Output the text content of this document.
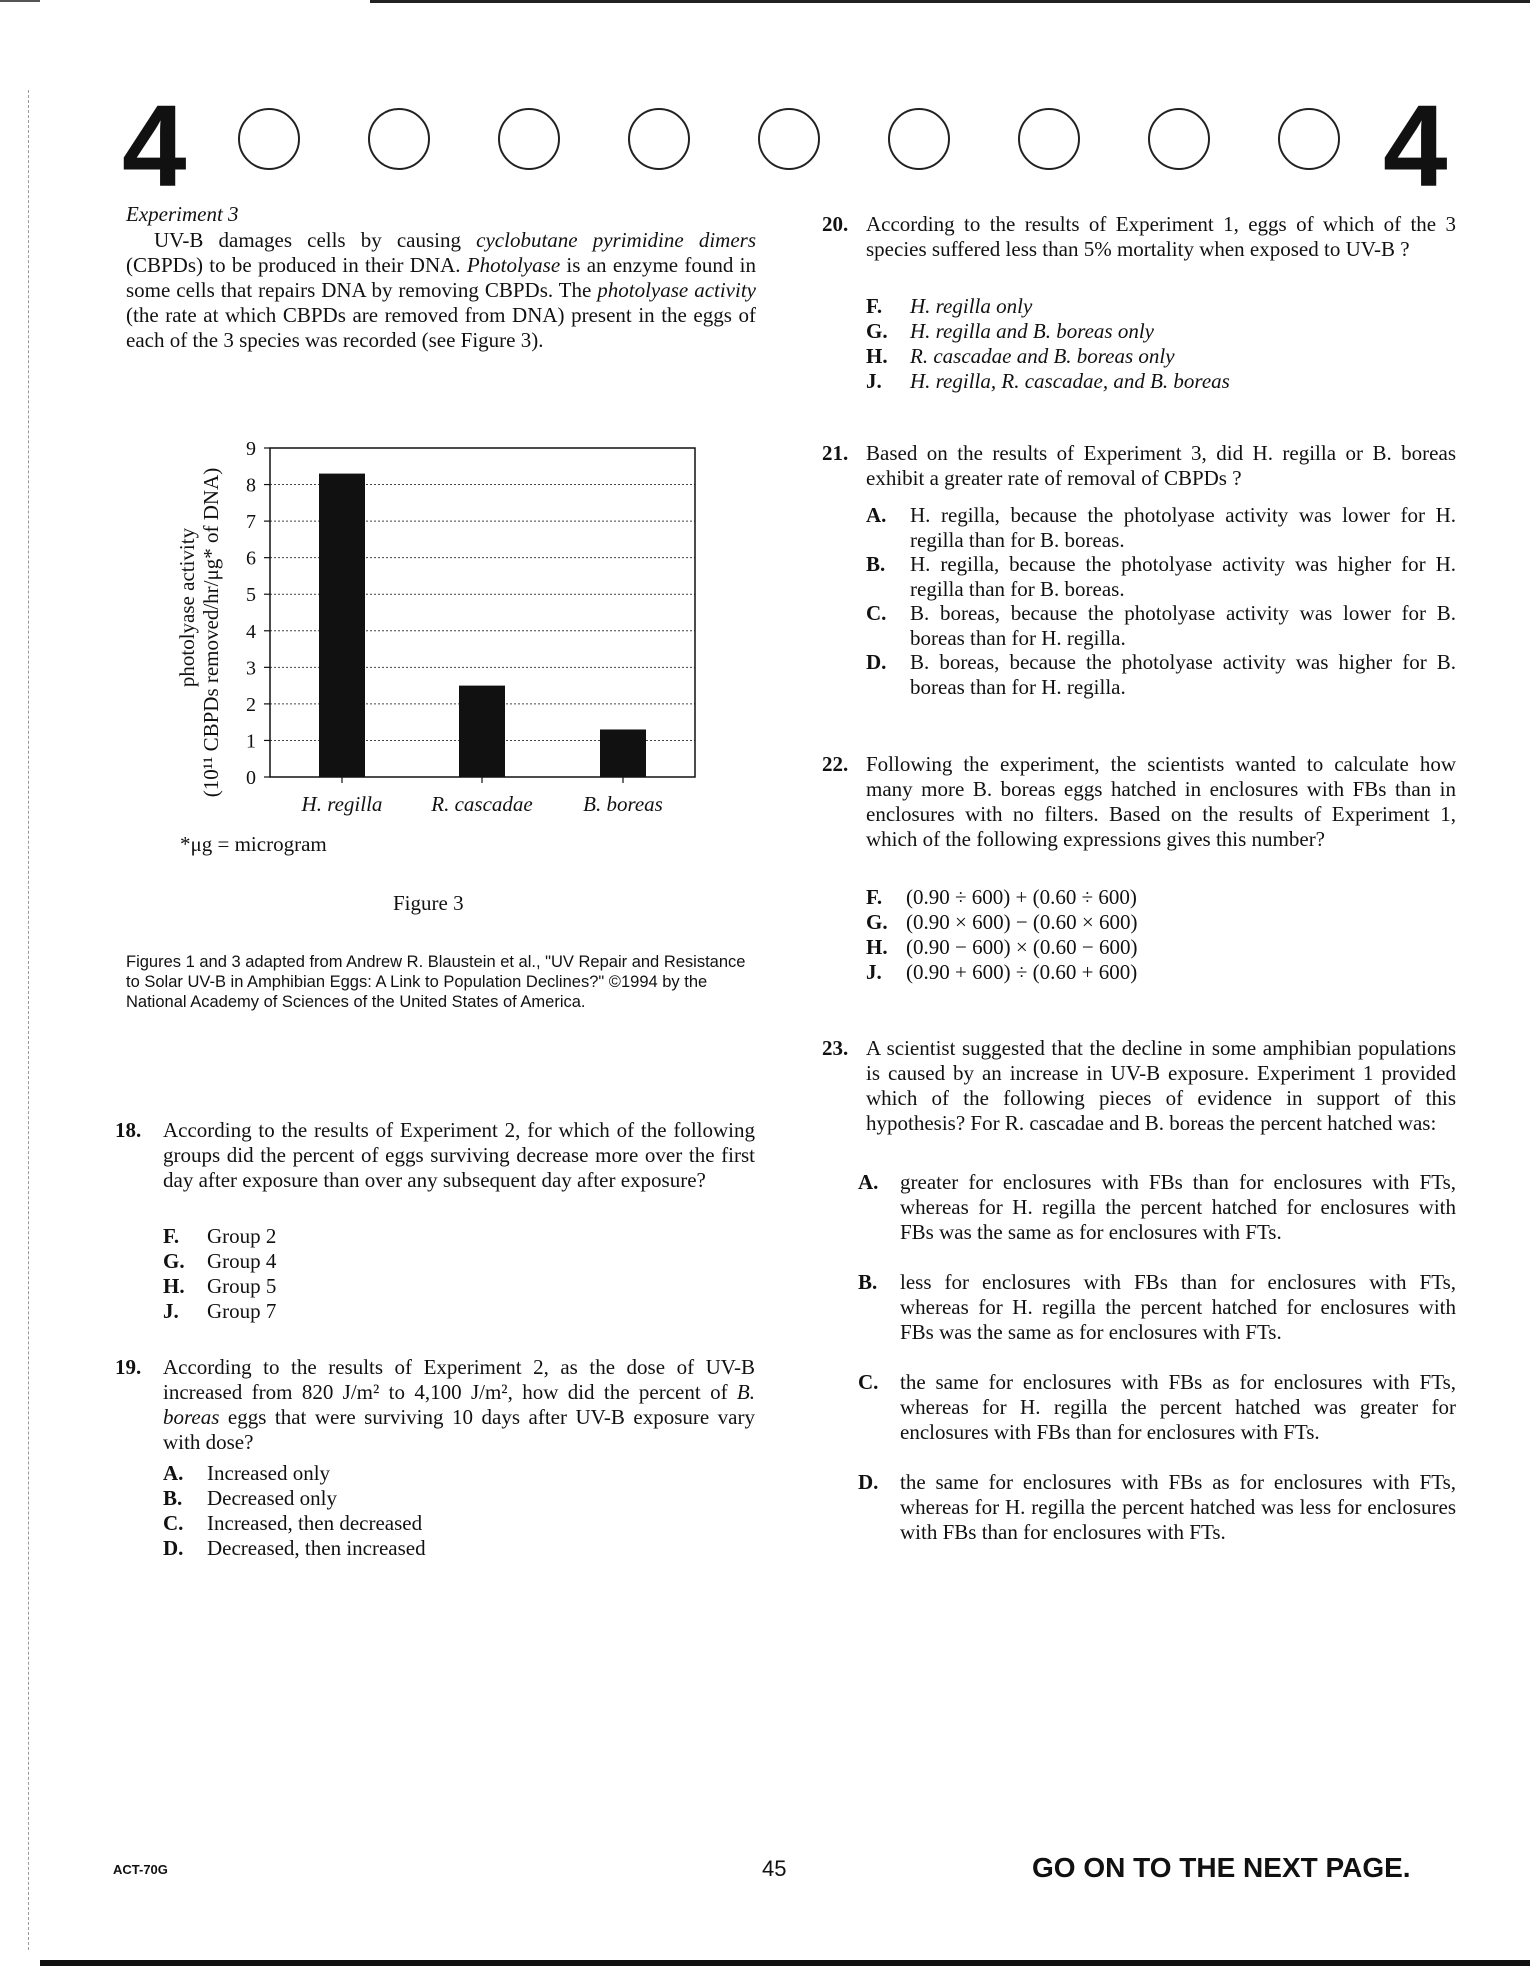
4	4
Experiment 3
UV-B damages cells by causing cyclobutane pyrimidine dimers (CBPDs) to be produced in their DNA. Photolyase is an enzyme found in some cells that repairs DNA by removing CBPDs. The photolyase activity (the rate at which CBPDs are removed from DNA) present in the eggs of each of the 3 species was recorded (see Figure 3).
0
1
2
3
4
5
6
7
8
9
H. regilla R. cascadae B. boreas
photolyase activity (10¹¹ CBPDs removed/hr/μg* of DNA)
*μg = microgram
Figure 3
Figures 1 and 3 adapted from Andrew R. Blaustein et al., "UV Repair and Resistance to Solar UV-B in Amphibian Eggs: A Link to Population Declines?" ©1994 by the National Academy of Sciences of the United States of America.
18. According to the results of Experiment 2, for which of the following groups did the percent of eggs surviving decrease more over the first day after exposure than over any subsequent day after exposure?
F. Group 2
G. Group 4
H. Group 5
J. Group 7
19. According to the results of Experiment 2, as the dose of UV-B increased from 820 J/m² to 4,100 J/m², how did the percent of B. boreas eggs that were surviving 10 days after UV-B exposure vary with dose?
A. Increased only
B. Decreased only
C. Increased, then decreased
D. Decreased, then increased
20. According to the results of Experiment 1, eggs of which of the 3 species suffered less than 5% mortality when exposed to UV-B ?
F. H. regilla only
G. H. regilla and B. boreas only
H. R. cascadae and B. boreas only
J. H. regilla, R. cascadae, and B. boreas
21. Based on the results of Experiment 3, did H. regilla or B. boreas exhibit a greater rate of removal of CBPDs ?
A. H. regilla, because the photolyase activity was lower for H. regilla than for B. boreas.
B. H. regilla, because the photolyase activity was higher for H. regilla than for B. boreas.
C. B. boreas, because the photolyase activity was lower for B. boreas than for H. regilla.
D. B. boreas, because the photolyase activity was higher for B. boreas than for H. regilla.
22. Following the experiment, the scientists wanted to calculate how many more B. boreas eggs hatched in enclosures with FBs than in enclosures with no filters. Based on the results of Experiment 1, which of the following expressions gives this number?
F. (0.90 ÷ 600) + (0.60 ÷ 600)
G. (0.90 × 600) − (0.60 × 600)
H. (0.90 − 600) × (0.60 − 600)
J. (0.90 + 600) ÷ (0.60 + 600)
23. A scientist suggested that the decline in some amphibian populations is caused by an increase in UV-B exposure. Experiment 1 provided which of the following pieces of evidence in support of this hypothesis? For R. cascadae and B. boreas the percent hatched was:
A. greater for enclosures with FBs than for enclosures with FTs, whereas for H. regilla the percent hatched for enclosures with FBs was the same as for enclosures with FTs.
B. less for enclosures with FBs than for enclosures with FTs, whereas for H. regilla the percent hatched for enclosures with FBs was the same as for enclosures with FTs.
C. the same for enclosures with FBs as for enclosures with FTs, whereas for H. regilla the percent hatched was greater for enclosures with FBs than for enclosures with FTs.
D. the same for enclosures with FBs as for enclosures with FTs, whereas for H. regilla the percent hatched was less for enclosures with FBs than for enclosures with FTs.
ACT-70G	45	GO ON TO THE NEXT PAGE.
